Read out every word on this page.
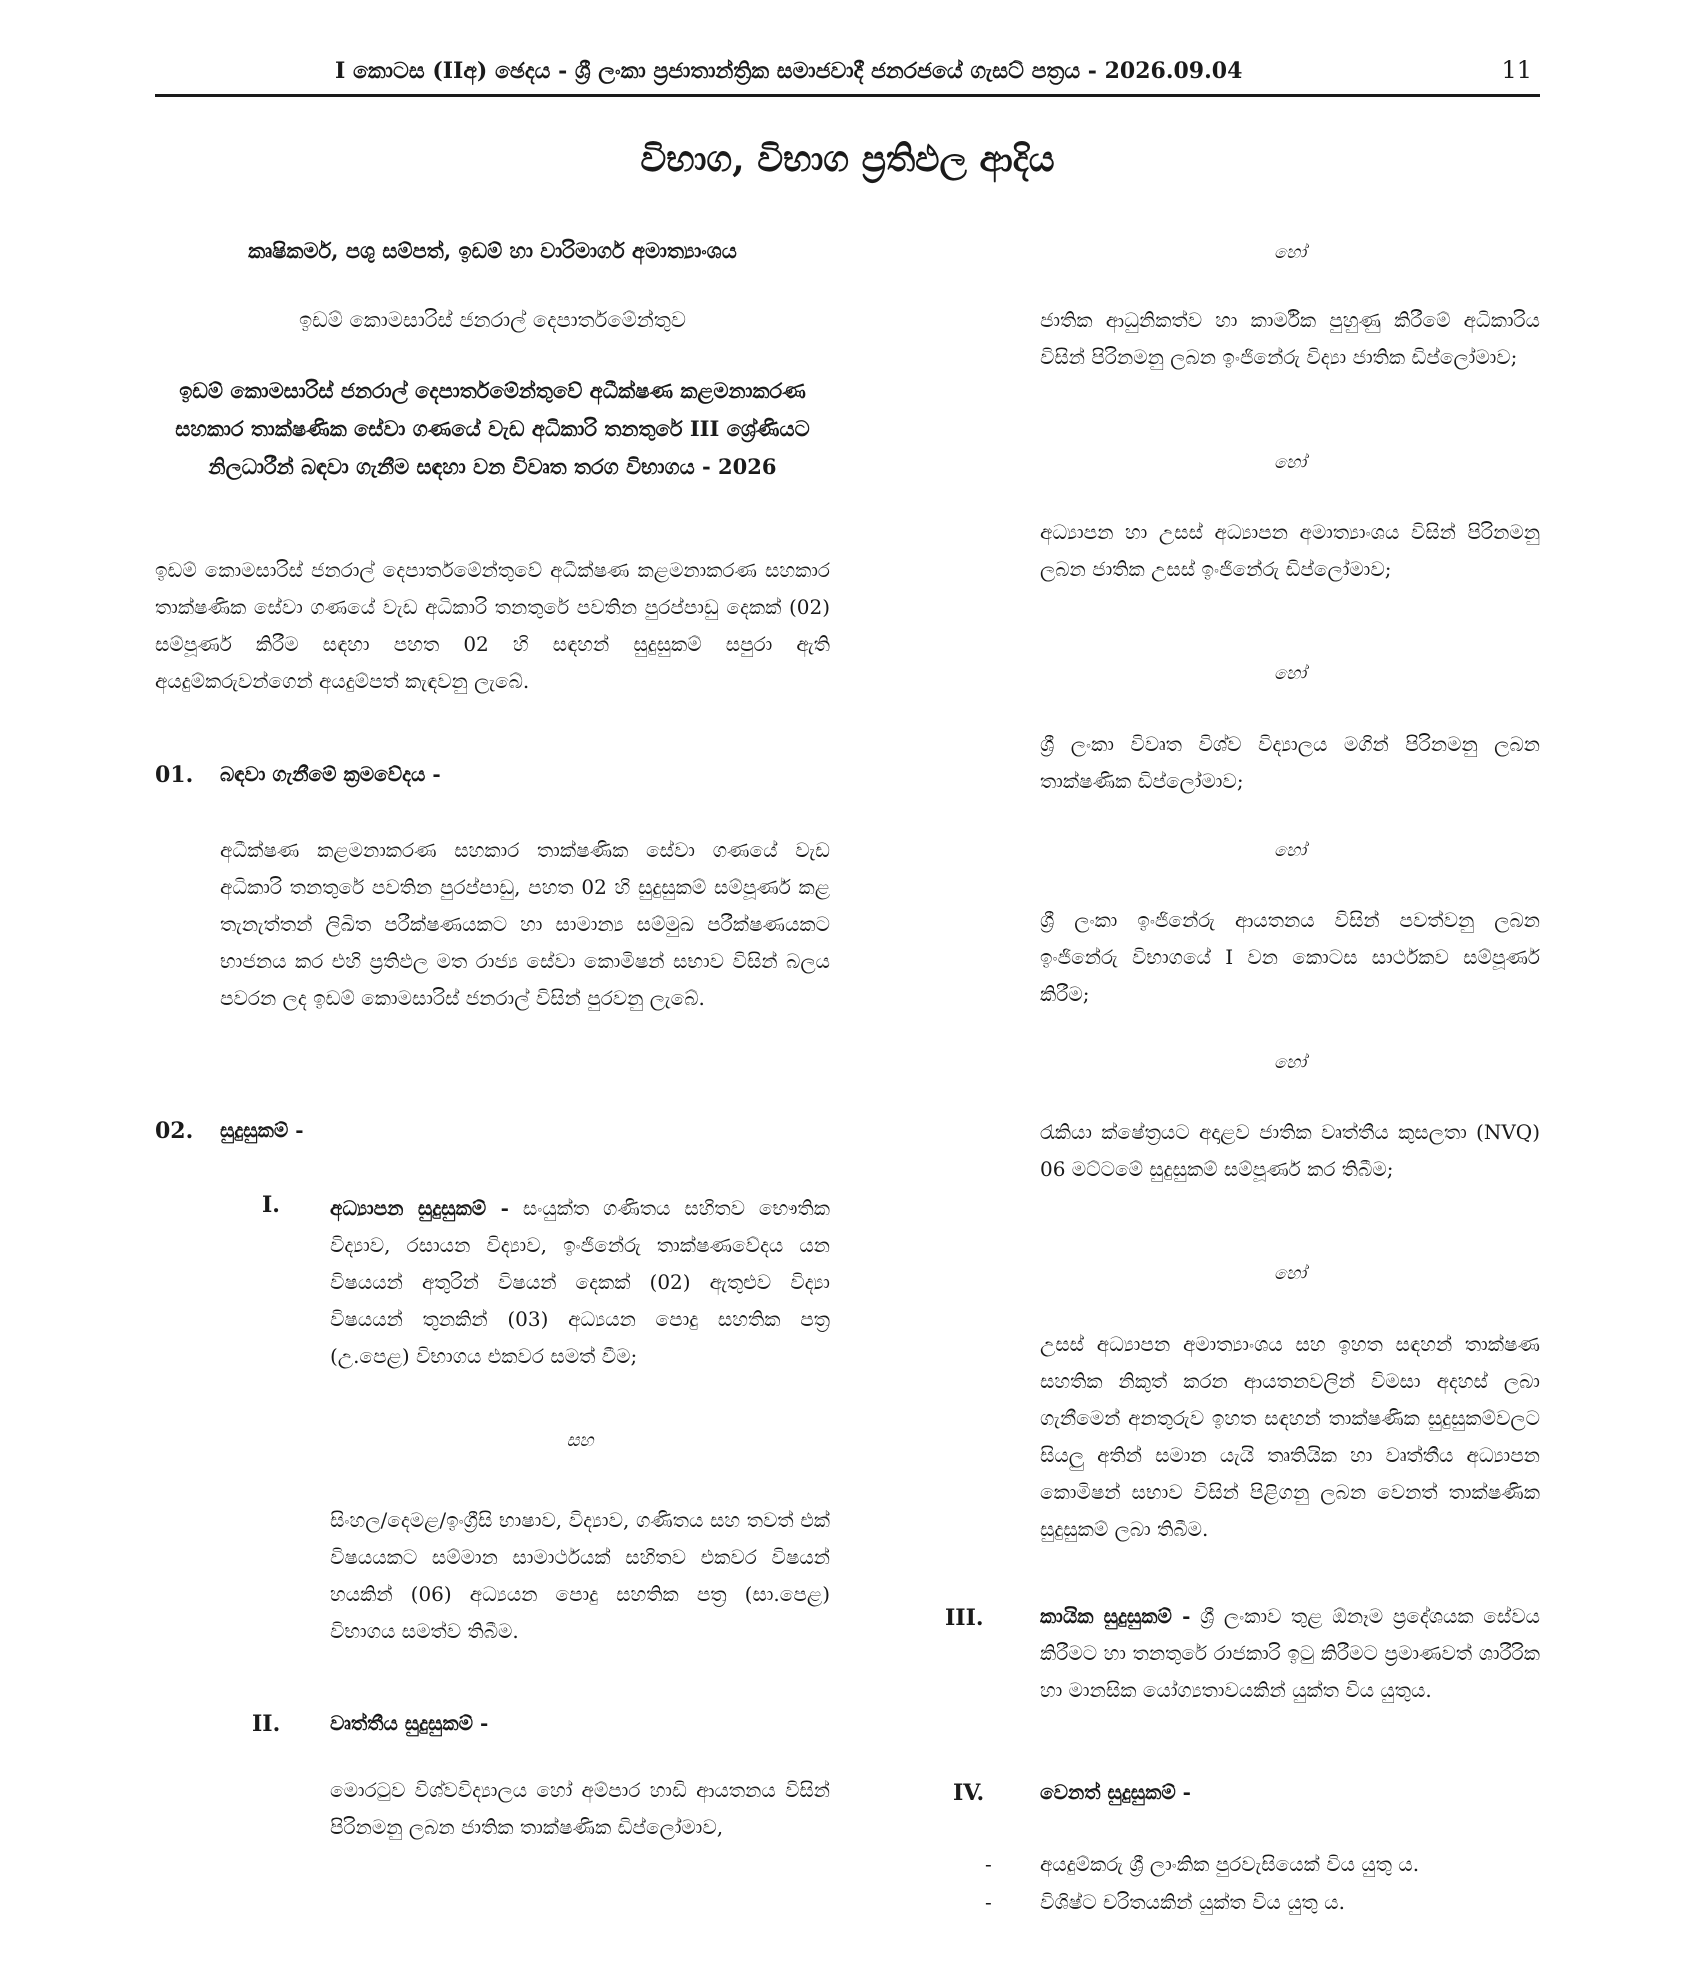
I කොටස (IIඅ) ඡෙදය - ශ්‍රී ලංකා ප්‍රජාතාන්ත්‍රික සමාජවාදී ජනරජයේ ගැසට් පත්‍රය - 2026.09.04	11
විභාග, විභාග ප්‍රතිඵල ආදිය
කෘෂිකර්ම, පශු සම්පත්, ඉඩම් හා වාරිමාර්ග අමාත්‍යාංශය
ඉඩම් කොමසාරිස් ජනරාල් දෙපාර්තමේන්තුව
ඉඩම් කොමසාරිස් ජනරාල් දෙපාර්තමේන්තුවේ අධීක්ෂණ කළමනාකරණ සහකාර තාක්ෂණික සේවා ගණයේ වැඩ අධිකාරි තනතුරේ III ශ්‍රේණියට නිලධාරීන් බඳවා ගැනීම සඳහා වන විවෘත තරග විභාගය - 2026
ඉඩම් කොමසාරිස් ජනරාල් දෙපාර්තමේන්තුවේ අධීක්ෂණ කළමනාකරණ සහකාර තාක්ෂණික සේවා ගණයේ වැඩ අධිකාරි තනතුරේ පවතින පුරප්පාඩු දෙකක් (02) සම්පූර්ණ කිරීම සඳහා පහත 02 හි සඳහන් සුදුසුකම් සපුරා ඇති අයදුම්කරුවන්ගෙන් අයදුම්පත් කැඳවනු ලැබේ.
01. බඳවා ගැනීමේ ක්‍රමවේදය -
අධීක්ෂණ කළමනාකරණ සහකාර තාක්ෂණික සේවා ගණයේ වැඩ අධිකාරි තනතුරේ පවතින පුරප්පාඩු, පහත 02 හි සුදුසුකම් සම්පූර්ණ කළ තැනැත්තන් ලිඛිත පරීක්ෂණයකට හා සාමාන්‍ය සම්මුඛ පරීක්ෂණයකට භාජනය කර එහි ප්‍රතිඵල මත රාජ්‍ය සේවා කොමිෂන් සභාව විසින් බලය පවරන ලද ඉඩම් කොමසාරිස් ජනරාල් විසින් පුරවනු ලැබේ.
02. සුදුසුකම් -
I.	අධ්‍යාපන සුදුසුකම් - සංයුක්ත ගණිතය සහිතව භෞතික විද්‍යාව, රසායන විද්‍යාව, ඉංජිනේරු තාක්ෂණවේදය යන විෂයයන් අතුරින් විෂයන් දෙකක් (02) ඇතුළුව විද්‍යා විෂයයන් තුනකින් (03) අධ්‍යයන පොදු සහතික පත්‍ර (උ.පෙළ) විභාගය එකවර සමත් වීම;
සහ
සිංහල/දෙමළ/ඉංග්‍රීසි භාෂාව, විද්‍යාව, ගණිතය සහ තවත් එක් විෂයයකට සම්මාන සාමාර්ථයක් සහිතව එකවර විෂයන් හයකින් (06) අධ්‍යයන පොදු සහතික පත්‍ර (සා.පෙළ) විභාගය සමත්ව තිබීම.
II. වෘත්තීය සුදුසුකම් -
මොරටුව විශ්වවිද්‍යාලය හෝ අම්පාර හාඩි ආයතනය විසින් පිරිනමනු ලබන ජාතික තාක්ෂණික ඩිප්ලෝමාව,
හෝ
ජාතික ආධුනිකත්ව හා කාර්මික පුහුණු කිරීමේ අධිකාරිය විසින් පිරිනමනු ලබන ඉංජිනේරු විද්‍යා ජාතික ඩිප්ලෝමාව;
හෝ
අධ්‍යාපන හා උසස් අධ්‍යාපන අමාත්‍යාංශය විසින් පිරිනමනු ලබන ජාතික උසස් ඉංජිනේරු ඩිප්ලෝමාව;
හෝ
ශ්‍රී ලංකා විවෘත විශ්ව විද්‍යාලය මගින් පිරිනමනු ලබන තාක්ෂණික ඩිප්ලෝමාව;
හෝ
ශ්‍රී ලංකා ඉංජිනේරු ආයතනය විසින් පවත්වනු ලබන ඉංජිනේරු විභාගයේ I වන කොටස සාර්ථකව සම්පූර්ණ කිරීම;
හෝ
රැකියා ක්ෂේත්‍රයට අදාළව ජාතික වෘත්තීය කුසලතා (NVQ) 06 මට්ටමේ සුදුසුකම් සම්පූර්ණ කර තිබීම;
හෝ
උසස් අධ්‍යාපන අමාත්‍යාංශය සහ ඉහත සඳහන් තාක්ෂණ සහතික නිකුත් කරන ආයතනවලින් විමසා අදහස් ලබා ගැනීමෙන් අනතුරුව ඉහත සඳහන් තාක්ෂණික සුදුසුකම්වලට සියලු අතින් සමාන යැයි තෘතියික හා වෘත්තීය අධ්‍යාපන කොමිෂන් සභාව විසින් පිළිගනු ලබන වෙනත් තාක්ෂණික සුදුසුකම් ලබා තිබීම.
III.	කායික සුදුසුකම් - ශ්‍රී ලංකාව තුළ ඕනෑම ප්‍රදේශයක සේවය කිරීමට හා තනතුරේ රාජකාරි ඉටු කිරීමට ප්‍රමාණවත් ශාරීරික හා මානසික යෝග්‍යතාවයකින් යුක්ත විය යුතුය.
IV.	වෙනත් සුදුසුකම් -
- අයදුම්කරු ශ්‍රී ලාංකික පුරවැසියෙක් විය යුතු ය.
- විශිෂ්ට චරිතයකින් යුක්ත විය යුතු ය.
